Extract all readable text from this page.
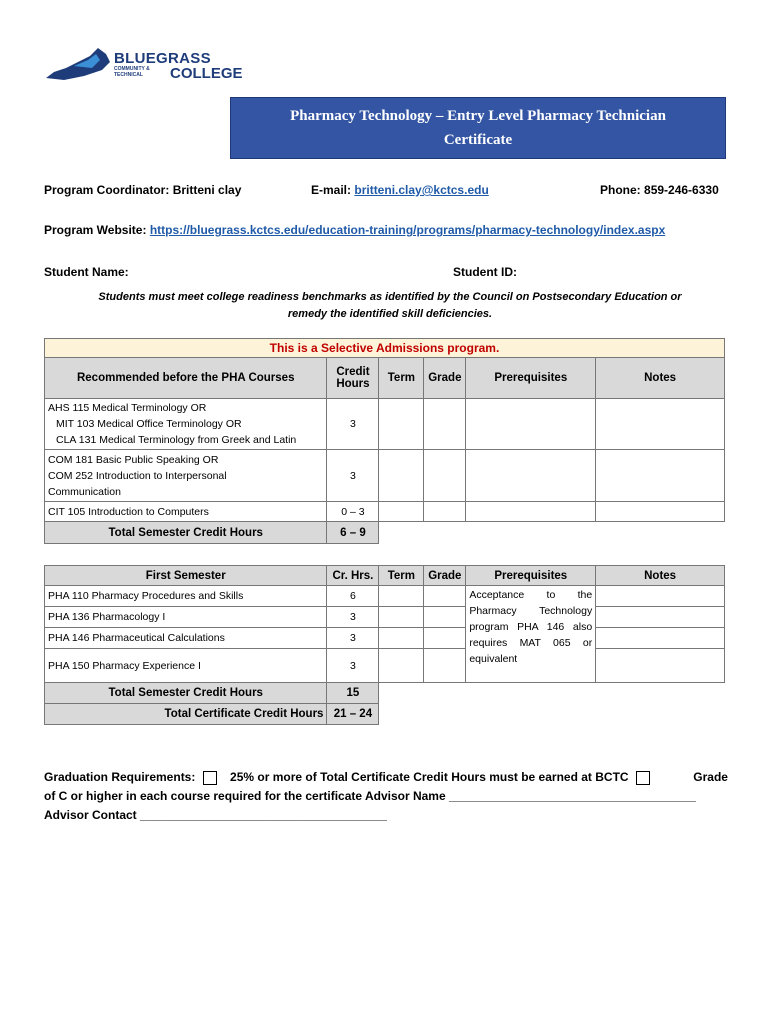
BLUEGRASS
COMMUNITY & TECHNICAL	COLLEGE
Pharmacy Technology – Entry Level Pharmacy Technician
Certificate
Program Coordinator: Britteni clay	E-mail: britteni.clay@kctcs.edu	Phone: 859-246-6330
Program Website: https://bluegrass.kctcs.edu/education-training/programs/pharmacy-technology/index.aspx
Student Name:	Student ID:
Students must meet college readiness benchmarks as identified by the Council on Postsecondary Education or remedy the identified skill deficiencies.
This is a Selective Admissions program.					
Recommended before the PHA Courses	Credit Hours	Term	Grade	Prerequisites	Notes

AHS 115 Medical Terminology OR
MIT 103 Medical Office Terminology OR
CLA 131 Medical Terminology from Greek and Latin	3				

COM 181 Basic Public Speaking OR
COM 252 Introduction to Interpersonal
Communication	3				
CIT 105 Introduction to Computers	0 – 3				
Total Semester Credit Hours	6 – 9				
First Semester	Cr. Hrs.	Term	Grade	Prerequisites	Notes
PHA 110 Pharmacy Procedures and Skills	6			Acceptance to the Pharmacy Technology program PHA 146 also requires MAT 065 or equivalent	
PHA 136 Pharmacology I	3				
PHA 146 Pharmaceutical Calculations	3				
PHA 150 Pharmacy Experience I	3				
Total Semester Credit Hours	15				
Total Certificate Credit Hours	21 – 24				
Graduation Requirements:	25% or more of Total Certificate Credit Hours must be earned at BCTC	Grade
of C or higher in each course required for the certificate Advisor Name _____________________________________
Advisor Contact _____________________________________
